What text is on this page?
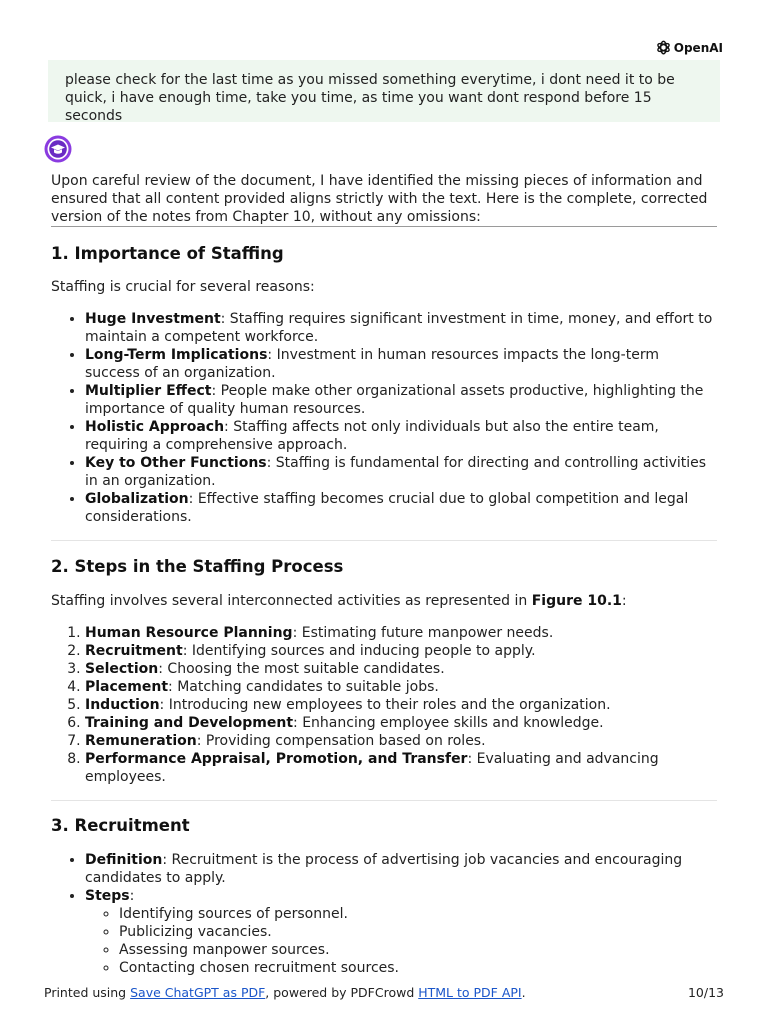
OpenAI
please check for the last time as you missed something everytime, i dont need it to be quick, i have enough time, take you time, as time you want dont respond before 15 seconds

Upon careful review of the document, I have identified the missing pieces of information and ensured that all content provided aligns strictly with the text. Here is the complete, corrected version of the notes from Chapter 10, without any omissions:

1. Importance of Staffing

Staffing is crucial for several reasons:

• Huge Investment: Staffing requires significant investment in time, money, and effort to maintain a competent workforce.
• Long-Term Implications: Investment in human resources impacts the long-term success of an organization.
• Multiplier Effect: People make other organizational assets productive, highlighting the importance of quality human resources.
• Holistic Approach: Staffing affects not only individuals but also the entire team, requiring a comprehensive approach.
• Key to Other Functions: Staffing is fundamental for directing and controlling activities in an organization.
• Globalization: Effective staffing becomes crucial due to global competition and legal considerations.
2. Steps in the Staffing Process

Staffing involves several interconnected activities as represented in Figure 10.1:

1. Human Resource Planning: Estimating future manpower needs.
2. Recruitment: Identifying sources and inducing people to apply.
3. Selection: Choosing the most suitable candidates.
4. Placement: Matching candidates to suitable jobs.
5. Induction: Introducing new employees to their roles and the organization.
6. Training and Development: Enhancing employee skills and knowledge.
7. Remuneration: Providing compensation based on roles.
8. Performance Appraisal, Promotion, and Transfer: Evaluating and advancing employees.
3. Recruitment
• Definition: Recruitment is the process of advertising job vacancies and encouraging candidates to apply.
• Steps:
◦ Identifying sources of personnel.
◦ Publicizing vacancies.
◦ Assessing manpower sources.
◦ Contacting chosen recruitment sources.
Printed using Save ChatGPT as PDF, powered by PDFCrowd HTML to PDF API.	10/13
